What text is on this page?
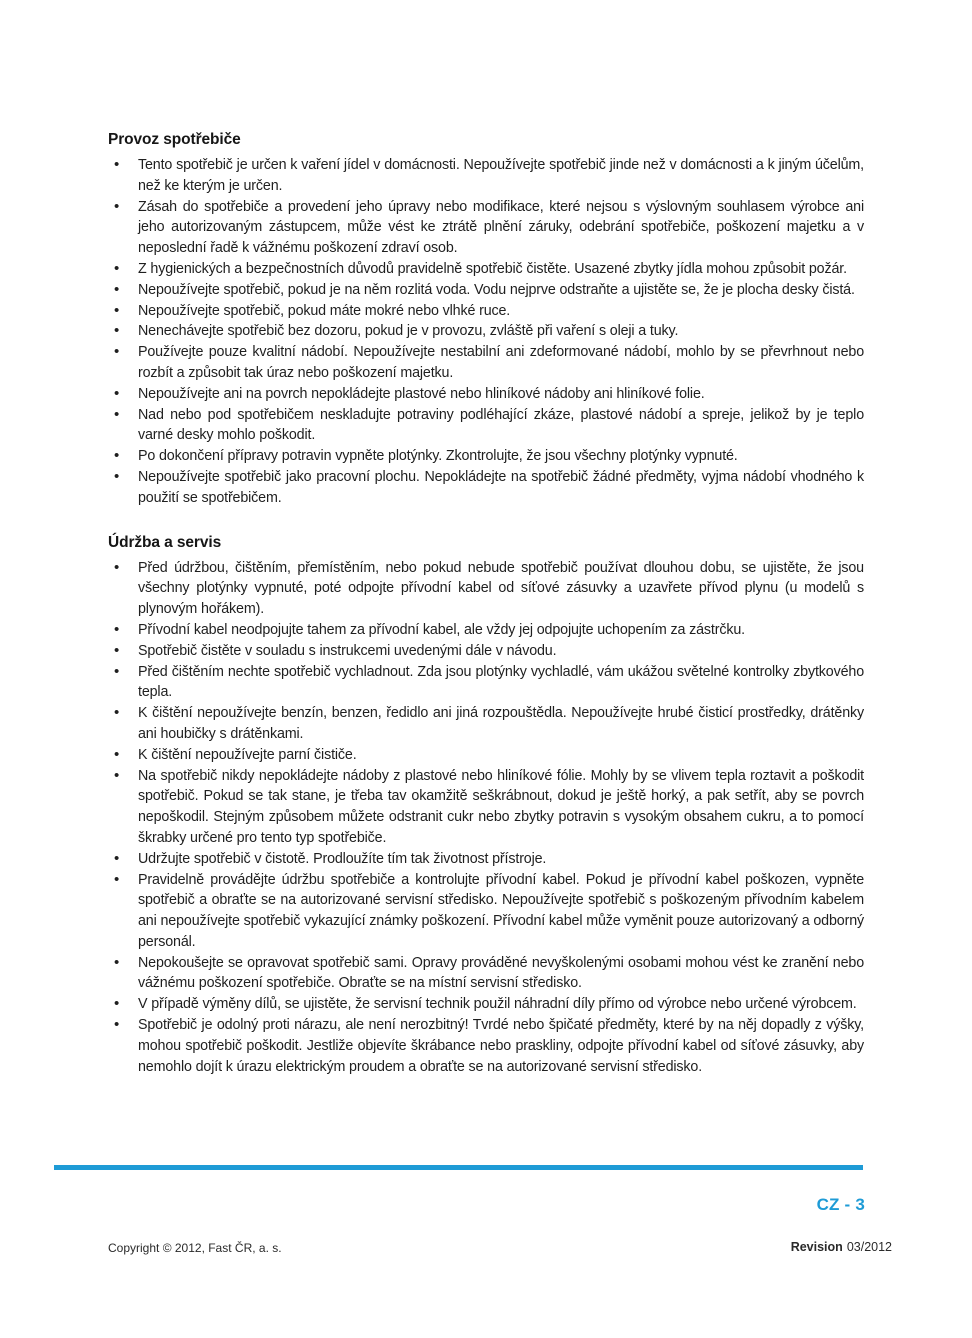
Provoz spotřebiče
• Tento spotřebič je určen k vaření jídel v domácnosti. Nepoužívejte spotřebič jinde než v domácnosti a k jiným účelům, než ke kterým je určen.
• Zásah do spotřebiče a provedení jeho úpravy nebo modifikace, které nejsou s výslovným souhlasem výrobce ani jeho autorizovaným zástupcem, může vést ke ztrátě plnění záruky, odebrání spotřebiče, poškození majetku a v neposlední řadě k vážnému poškození zdraví osob.
• Z hygienických a bezpečnostních důvodů pravidelně spotřebič čistěte. Usazené zbytky jídla mohou způsobit požár.
• Nepoužívejte spotřebič, pokud je na něm rozlitá voda. Vodu nejprve odstraňte a ujistěte se, že je plocha desky čistá.
• Nepoužívejte spotřebič, pokud máte mokré nebo vlhké ruce.
• Nenechávejte spotřebič bez dozoru, pokud je v provozu, zvláště při vaření s oleji a tuky.
• Používejte pouze kvalitní nádobí. Nepoužívejte nestabilní ani zdeformované nádobí, mohlo by se převrhnout nebo rozbít a způsobit tak úraz nebo poškození majetku.
• Nepoužívejte ani na povrch nepokládejte plastové nebo hliníkové nádoby ani hliníkové folie.
• Nad nebo pod spotřebičem neskladujte potraviny podléhající zkáze, plastové nádobí a spreje, jelikož by je teplo varné desky mohlo poškodit.
• Po dokončení přípravy potravin vypněte plotýnky. Zkontrolujte, že jsou všechny plotýnky vypnuté.
• Nepoužívejte spotřebič jako pracovní plochu. Nepokládejte na spotřebič žádné předměty, vyjma nádobí vhodného k použití se spotřebičem.
Údržba a servis
• Před údržbou, čištěním, přemístěním, nebo pokud nebude spotřebič používat dlouhou dobu, se ujistěte, že jsou všechny plotýnky vypnuté, poté odpojte přívodní kabel od síťové zásuvky a uzavřete přívod plynu (u modelů s plynovým hořákem).
• Přívodní kabel neodpojujte tahem za přívodní kabel, ale vždy jej odpojujte uchopením za zástrčku.
• Spotřebič čistěte v souladu s instrukcemi uvedenými dále v návodu.
• Před čištěním nechte spotřebič vychladnout. Zda jsou plotýnky vychladlé, vám ukážou světelné kontrolky zbytkového tepla.
• K čištění nepoužívejte benzín, benzen, ředidlo ani jiná rozpouštědla. Nepoužívejte hrubé čisticí prostředky, drátěnky ani houbičky s drátěnkami.
• K čištění nepoužívejte parní čističe.
• Na spotřebič nikdy nepokládejte nádoby z plastové nebo hliníkové fólie. Mohly by se vlivem tepla roztavit a poškodit spotřebič. Pokud se tak stane, je třeba tav okamžitě seškrábnout, dokud je ještě horký, a pak setřít, aby se povrch nepoškodil. Stejným způsobem můžete odstranit cukr nebo zbytky potravin s vysokým obsahem cukru, a to pomocí škrabky určené pro tento typ spotřebiče.
• Udržujte spotřebič v čistotě. Prodloužíte tím tak životnost přístroje.
• Pravidelně provádějte údržbu spotřebiče a kontrolujte přívodní kabel. Pokud je přívodní kabel poškozen, vypněte spotřebič a obraťte se na autorizované servisní středisko. Nepoužívejte spotřebič s poškozeným přívodním kabelem ani nepoužívejte spotřebič vykazující známky poškození. Přívodní kabel může vyměnit pouze autorizovaný a odborný personál.
• Nepokoušejte se opravovat spotřebič sami. Opravy prováděné nevyškolenými osobami mohou vést ke zranění nebo vážnému poškození spotřebiče. Obraťte se na místní servisní středisko.
• V případě výměny dílů, se ujistěte, že servisní technik použil náhradní díly přímo od výrobce nebo určené výrobcem.
• Spotřebič je odolný proti nárazu, ale není nerozbitný! Tvrdé nebo špičaté předměty, které by na něj dopadly z výšky, mohou spotřebič poškodit. Jestliže objevíte škrábance nebo praskliny, odpojte přívodní kabel od síťové zásuvky, aby nemohlo dojít k úrazu elektrickým proudem a obraťte se na autorizované servisní středisko.
CZ - 3
Copyright © 2012, Fast ČR, a. s.	Revision 03/2012
